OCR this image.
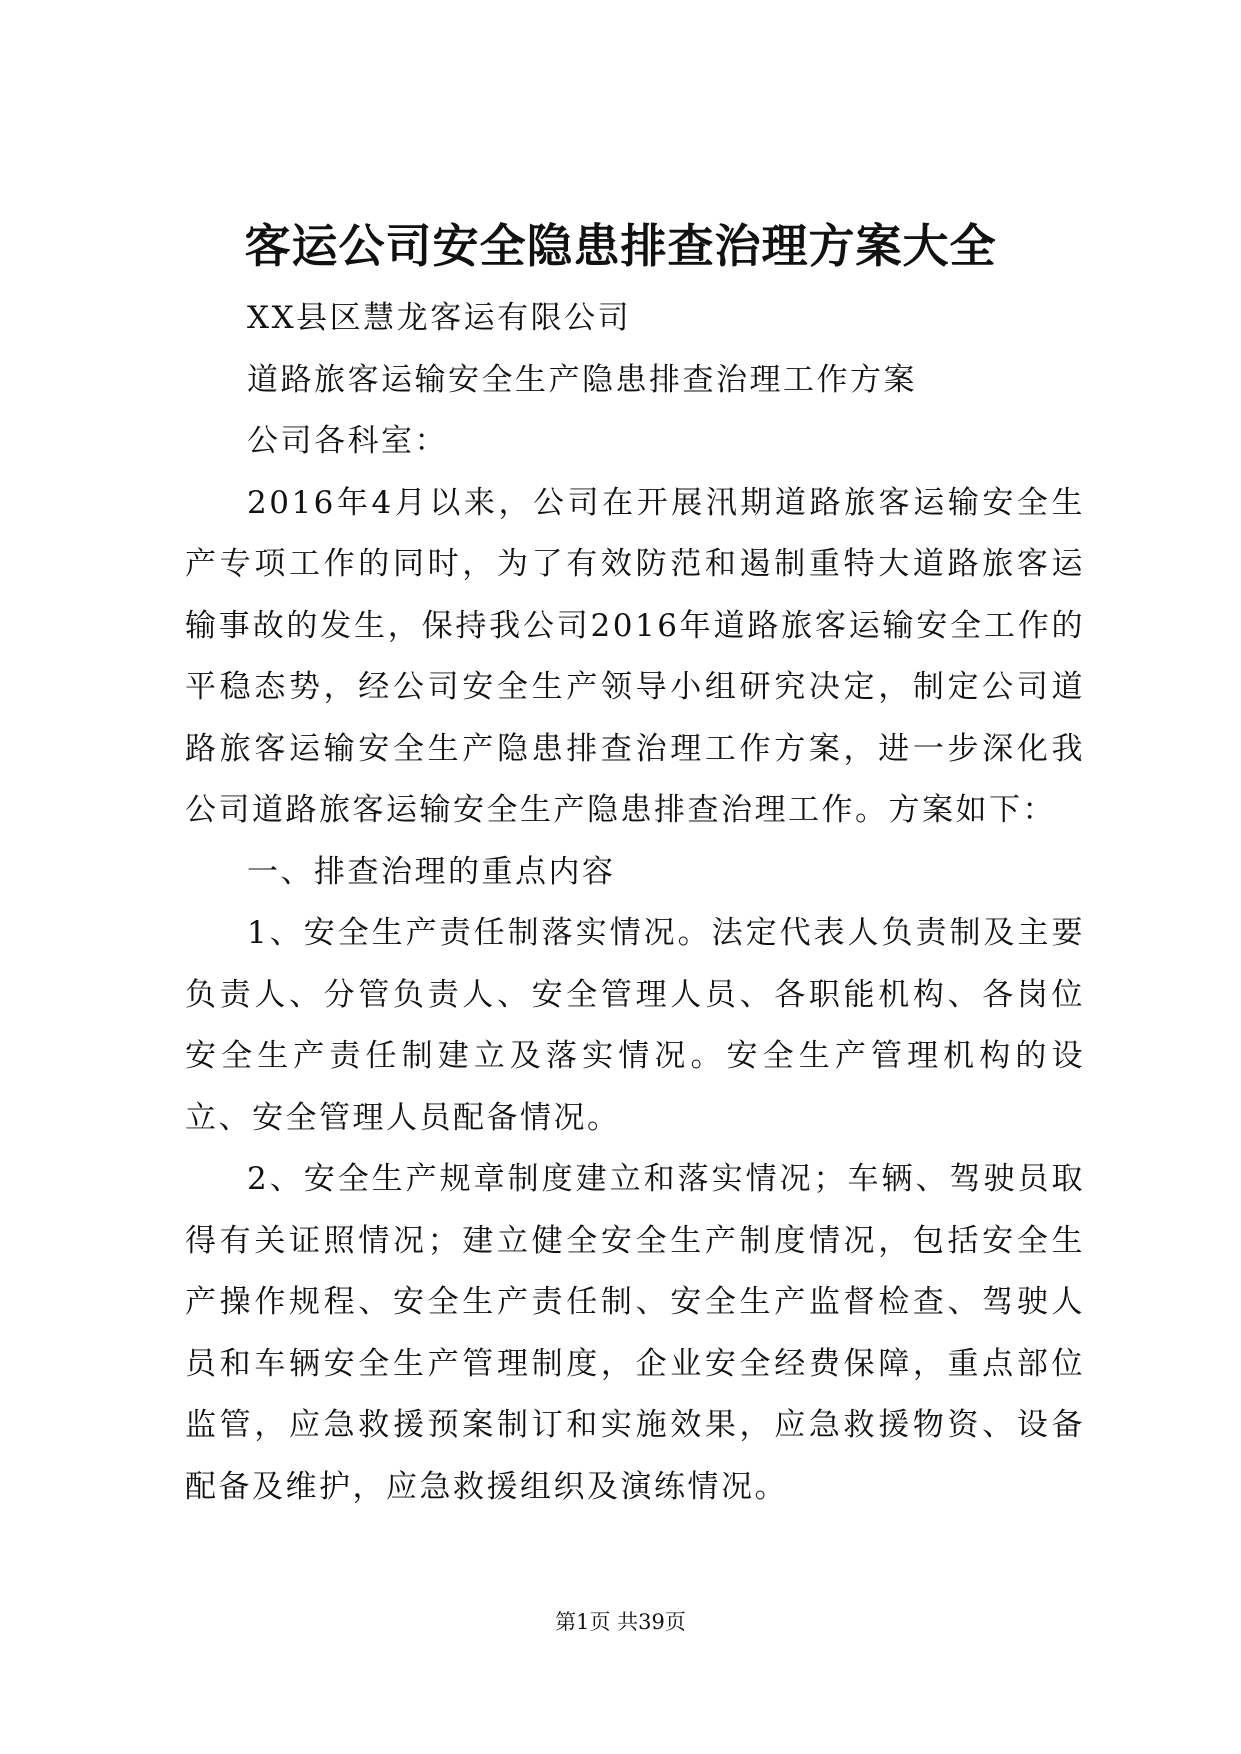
客运公司安全隐患排查治理方案大全

XX县区慧龙客运有限公司

道路旅客运输安全生产隐患排查治理工作方案

公司各科室：

2016年4月以来，公司在开展汛期道路旅客运输安全生产专项工作的同时，为了有效防范和遏制重特大道路旅客运输事故的发生，保持我公司2016年道路旅客运输安全工作的平稳态势，经公司安全生产领导小组研究决定，制定公司道路旅客运输安全生产隐患排查治理工作方案，进一步深化我公司道路旅客运输安全生产隐患排查治理工作。方案如下：

一、排查治理的重点内容

1、安全生产责任制落实情况。法定代表人负责制及主要负责人、分管负责人、安全管理人员、各职能机构、各岗位安全生产责任制建立及落实情况。安全生产管理机构的设立、安全管理人员配备情况。

2、安全生产规章制度建立和落实情况；车辆、驾驶员取得有关证照情况；建立健全安全生产制度情况，包括安全生产操作规程、安全生产责任制、安全生产监督检查、驾驶人员和车辆安全生产管理制度，企业安全经费保障，重点部位监管，应急救援预案制订和实施效果，应急救援物资、设备配备及维护，应急救援组织及演练情况。

第1页 共39页
